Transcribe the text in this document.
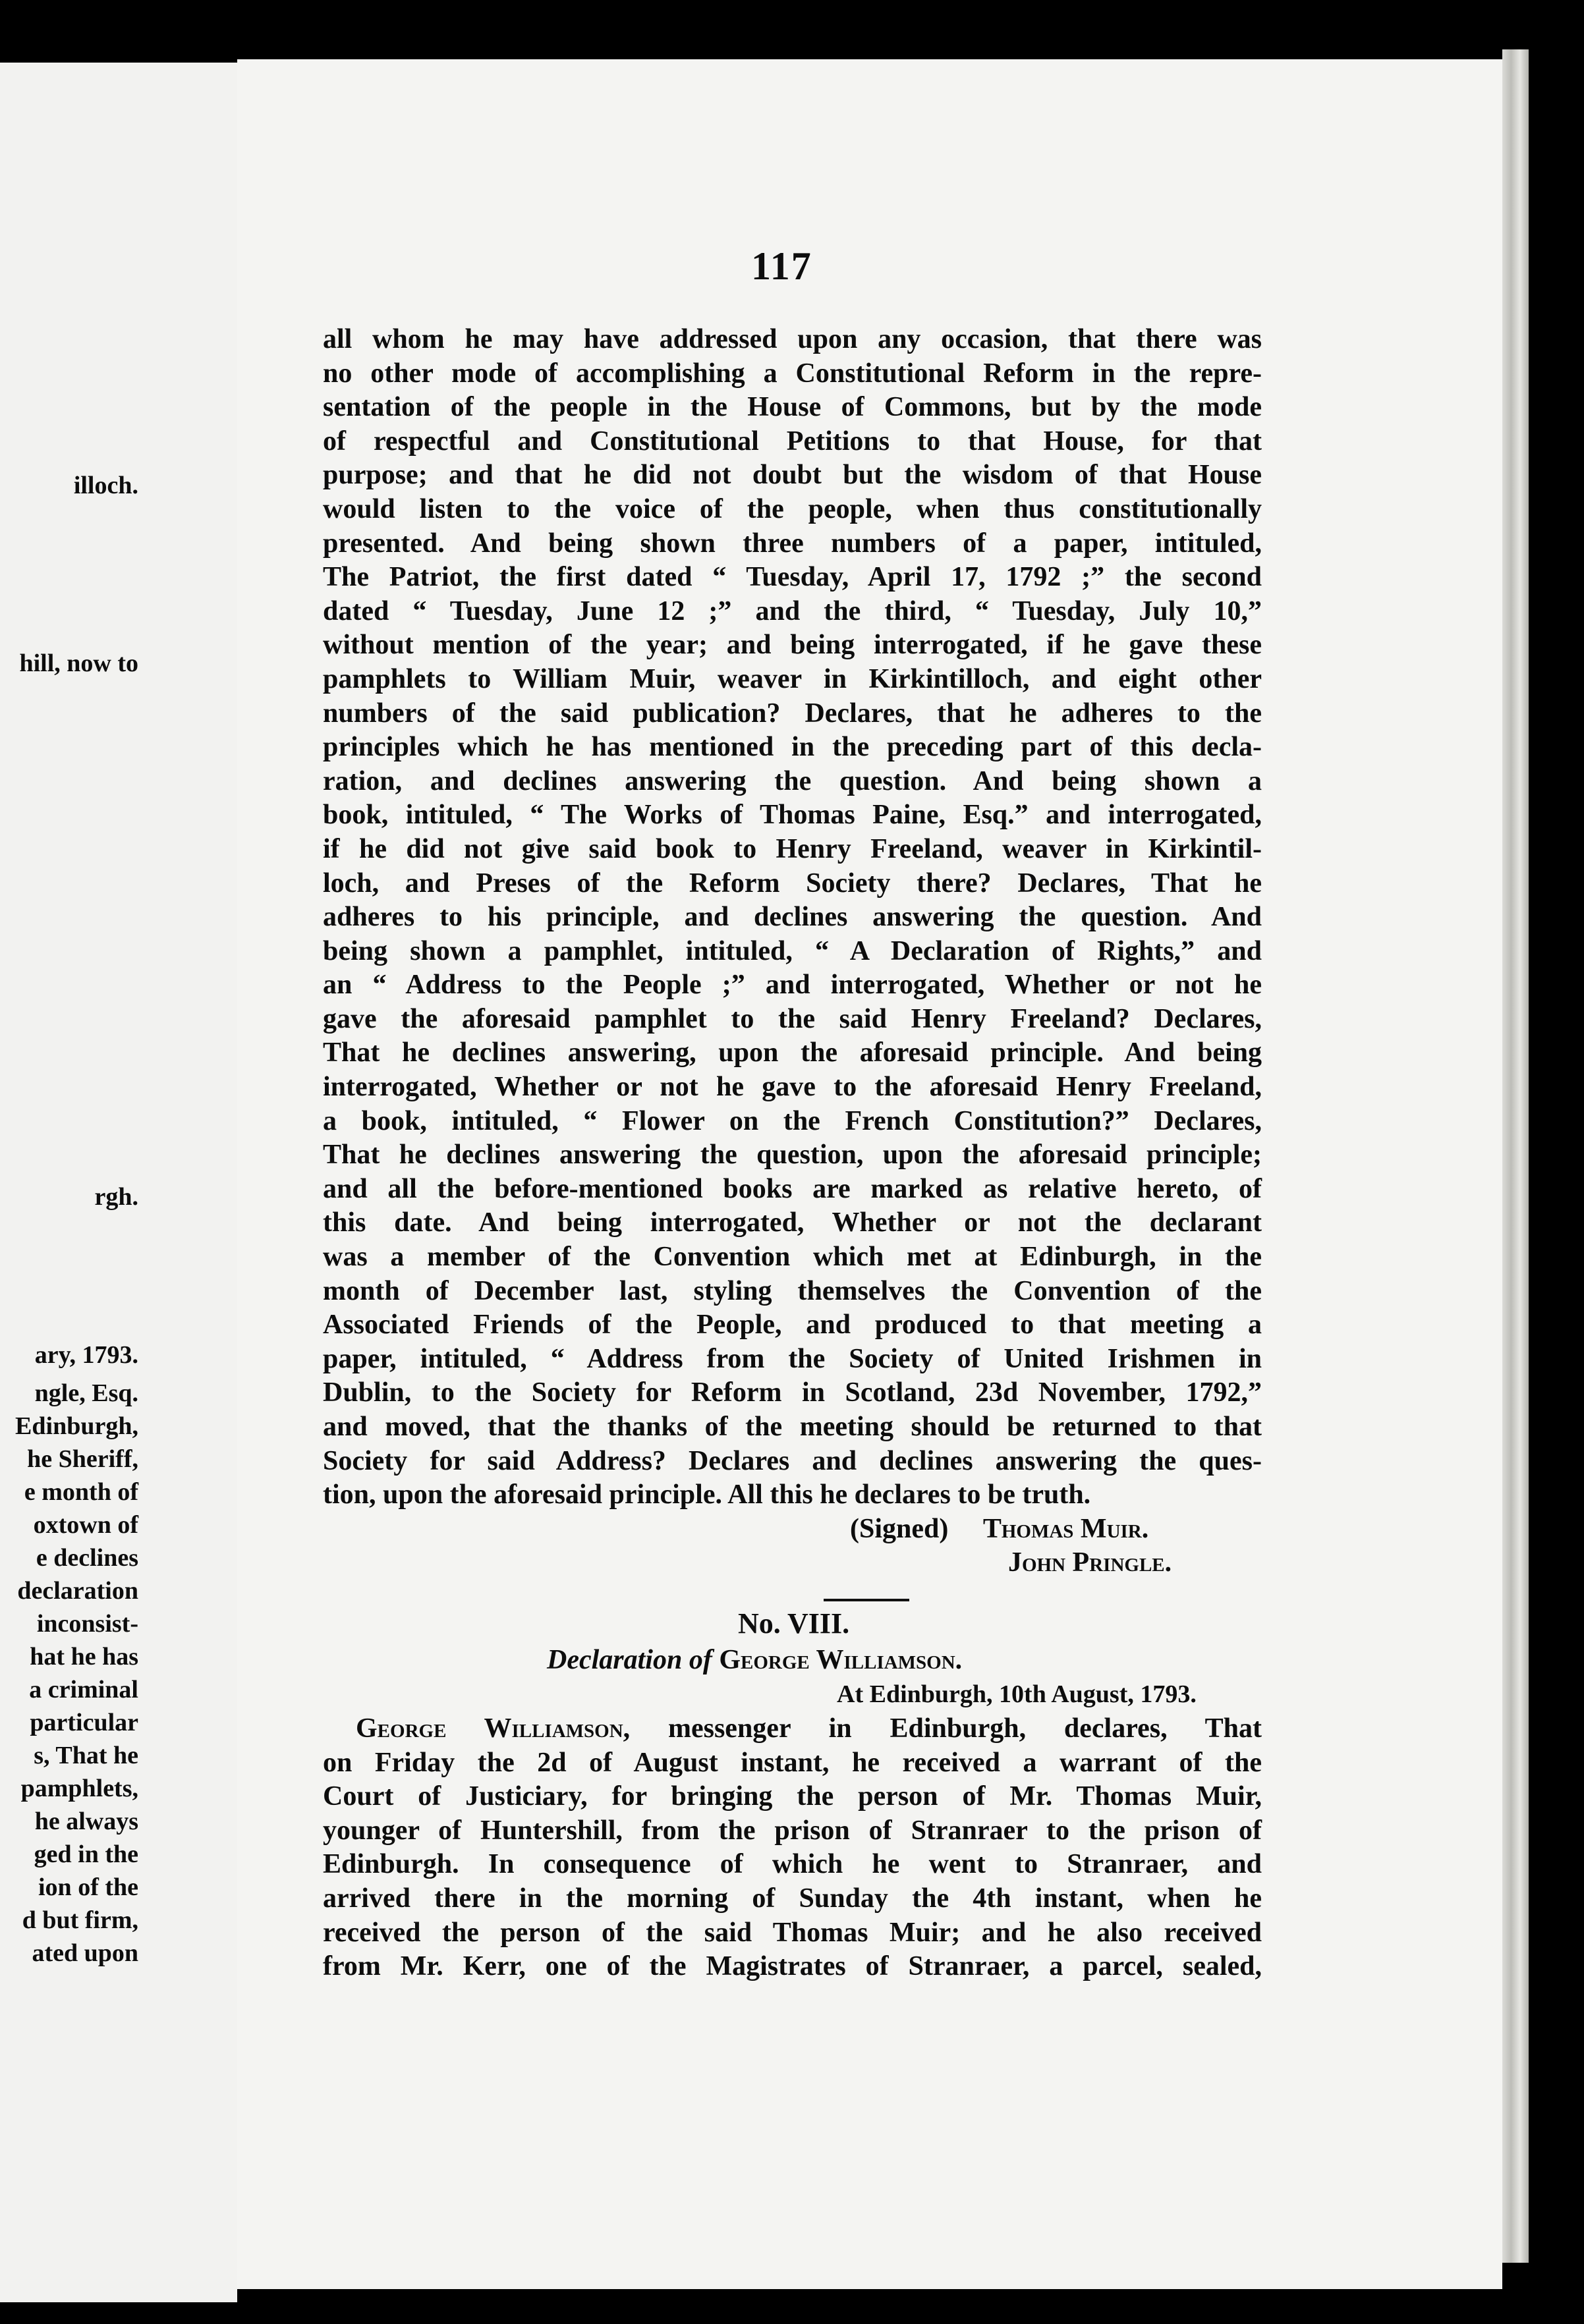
illoch.
hill, now to
rgh.
ary, 1793.
ngle, Esq.
Edinburgh,
he Sheriff,
e month of
oxtown of
e declines
declaration
inconsist-
hat he has
a criminal
particular
s, That he
pamphlets,
he always
ged in the
ion of the
d but firm,
ated upon
117
all whom he may have addressed upon any occasion, that there was
no other mode of accomplishing a Constitutional Reform in the repre-
sentation of the people in the House of Commons, but by the mode
of respectful and Constitutional Petitions to that House, for that
purpose; and that he did not doubt but the wisdom of that House
would listen to the voice of the people, when thus constitutionally
presented. And being shown three numbers of a paper, intituled,
The Patriot, the first dated “ Tuesday, April 17, 1792 ;” the second
dated “ Tuesday, June 12 ;” and the third, “ Tuesday, July 10,”
without mention of the year; and being interrogated, if he gave these
pamphlets to William Muir, weaver in Kirkintilloch, and eight other
numbers of the said publication? Declares, that he adheres to the
principles which he has mentioned in the preceding part of this decla-
ration, and declines answering the question. And being shown a
book, intituled, “ The Works of Thomas Paine, Esq.” and interrogated,
if he did not give said book to Henry Freeland, weaver in Kirkintil-
loch, and Preses of the Reform Society there? Declares, That he
adheres to his principle, and declines answering the question. And
being shown a pamphlet, intituled, “ A Declaration of Rights,” and
an “ Address to the People ;” and interrogated, Whether or not he
gave the aforesaid pamphlet to the said Henry Freeland? Declares,
That he declines answering, upon the aforesaid principle. And being
interrogated, Whether or not he gave to the aforesaid Henry Freeland,
a book, intituled, “ Flower on the French Constitution?” Declares,
That he declines answering the question, upon the aforesaid principle;
and all the before-mentioned books are marked as relative hereto, of
this date. And being interrogated, Whether or not the declarant
was a member of the Convention which met at Edinburgh, in the
month of December last, styling themselves the Convention of the
Associated Friends of the People, and produced to that meeting a
paper, intituled, “ Address from the Society of United Irishmen in
Dublin, to the Society for Reform in Scotland, 23d November, 1792,”
and moved, that the thanks of the meeting should be returned to that
Society for said Address? Declares and declines answering the ques-
tion, upon the aforesaid principle. All this he declares to be truth.
(Signed) Thomas Muir.
John Pringle.
No. VIII.
Declaration of George Williamson.
At Edinburgh, 10th August, 1793.
George Williamson, messenger in Edinburgh, declares, That
on Friday the 2d of August instant, he received a warrant of the
Court of Justiciary, for bringing the person of Mr. Thomas Muir,
younger of Huntershill, from the prison of Stranraer to the prison of
Edinburgh. In consequence of which he went to Stranraer, and
arrived there in the morning of Sunday the 4th instant, when he
received the person of the said Thomas Muir; and he also received
from Mr. Kerr, one of the Magistrates of Stranraer, a parcel, sealed,
